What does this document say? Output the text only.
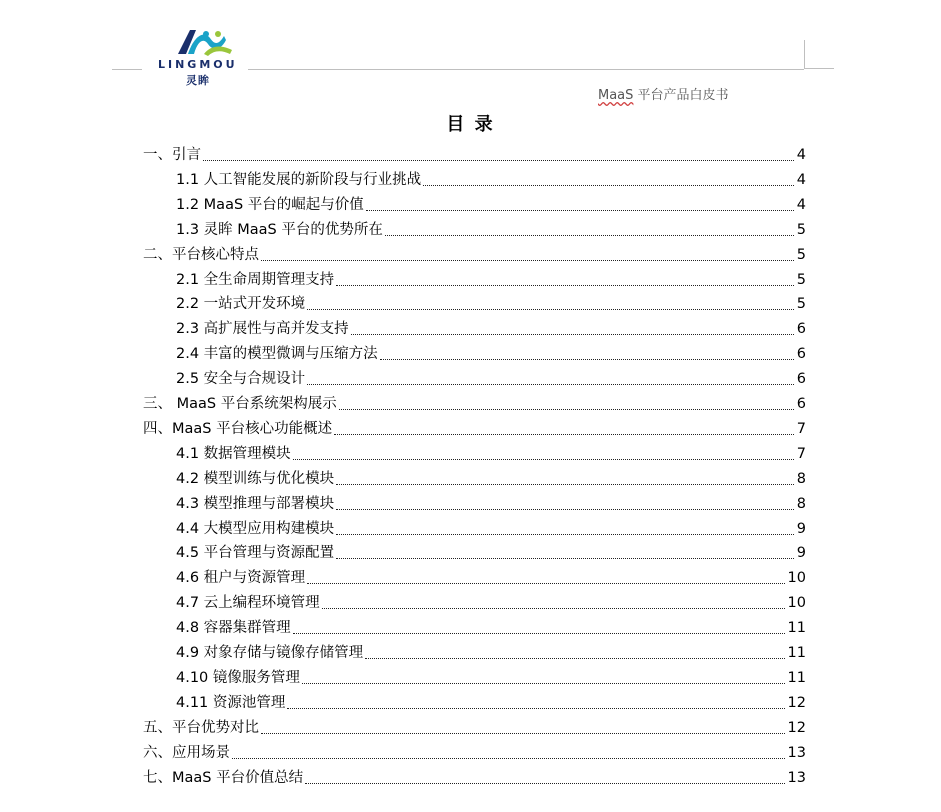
LINGMOU
灵眸
MaaS 平台产品白皮书
目 录
一、引言	4
1.1 人工智能发展的新阶段与行业挑战	4
1.2 MaaS 平台的崛起与价值	4
1.3 灵眸 MaaS 平台的优势所在	5
二、平台核心特点	5
2.1 全生命周期管理支持	5
2.2 一站式开发环境	5
2.3 高扩展性与高并发支持	6
2.4 丰富的模型微调与压缩方法	6
2.5 安全与合规设计	6
三、 MaaS 平台系统架构展示	6
四、MaaS 平台核心功能概述	7
4.1 数据管理模块	7
4.2 模型训练与优化模块	8
4.3 模型推理与部署模块	8
4.4 大模型应用构建模块	9
4.5 平台管理与资源配置	9
4.6 租户与资源管理	10
4.7 云上编程环境管理	10
4.8 容器集群管理	11
4.9 对象存储与镜像存储管理	11
4.10 镜像服务管理	11
4.11 资源池管理	12
五、平台优势对比	12
六、应用场景	13
七、MaaS 平台价值总结	13
